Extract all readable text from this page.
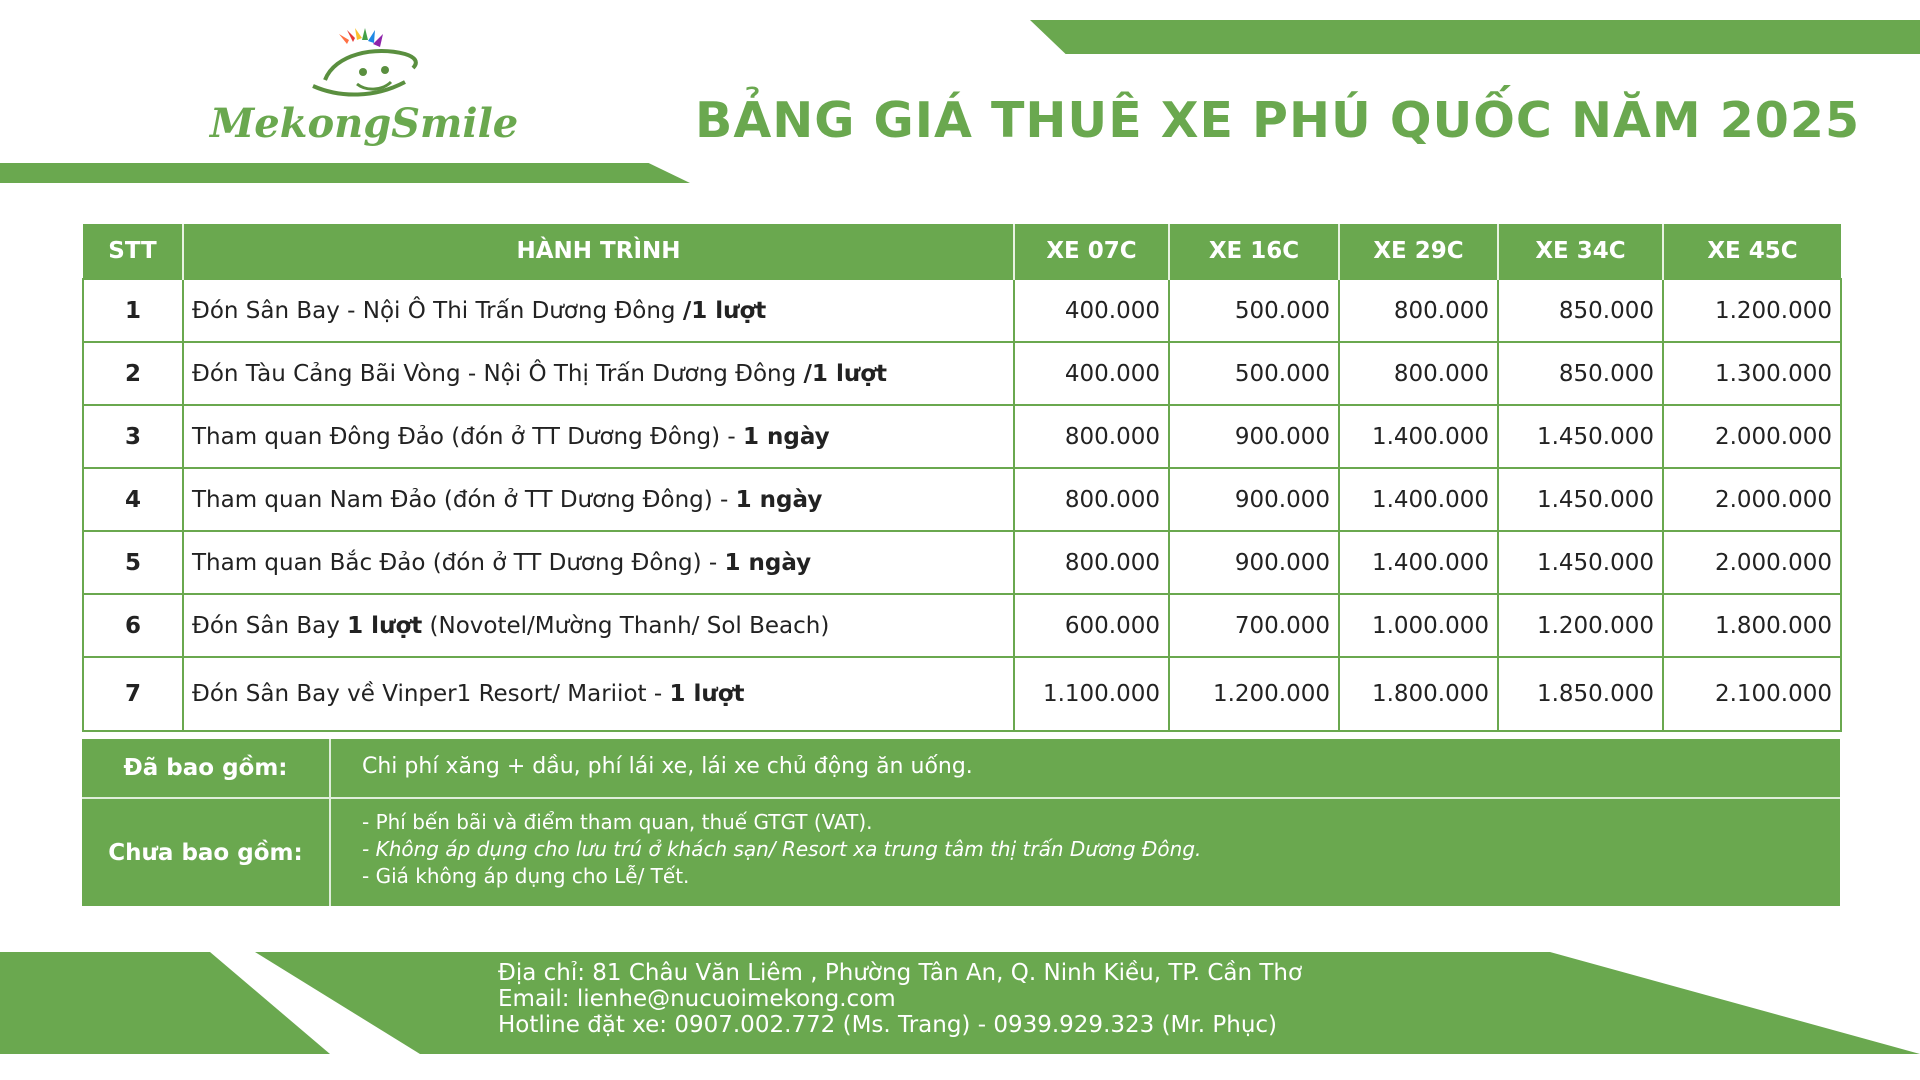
MekongSmile	BẢNG GIÁ THUÊ XE PHÚ QUỐC NĂM 2025
STT	HÀNH TRÌNH	XE 07C	XE 16C	XE 29C	XE 34C	XE 45C
1	Đón Sân Bay - Nội Ô Thi Trấn Dương Đông /1 lượt	400.000	500.000	800.000	850.000	1.200.000
2	Đón Tàu Cảng Bãi Vòng - Nội Ô Thị Trấn Dương Đông /1 lượt	400.000	500.000	800.000	850.000	1.300.000
3	Tham quan Đông Đảo (đón ở TT Dương Đông) - 1 ngày	800.000	900.000	1.400.000	1.450.000	2.000.000
4	Tham quan Nam Đảo (đón ở TT Dương Đông) - 1 ngày	800.000	900.000	1.400.000	1.450.000	2.000.000
5	Tham quan Bắc Đảo (đón ở TT Dương Đông) - 1 ngày	800.000	900.000	1.400.000	1.450.000	2.000.000
6	Đón Sân Bay 1 lượt (Novotel/Mường Thanh/ Sol Beach)	600.000	700.000	1.000.000	1.200.000	1.800.000
7	Đón Sân Bay về Vinper1 Resort/ Mariiot - 1 lượt	1.100.000	1.200.000	1.800.000	1.850.000	2.100.000
Đã bao gồm:	Chi phí xăng + dầu, phí lái xe, lái xe chủ động ăn uống.
Chưa bao gồm:
- Phí bến bãi và điểm tham quan, thuế GTGT (VAT).
- Không áp dụng cho lưu trú ở khách sạn/ Resort xa trung tâm thị trấn Dương Đông.
- Giá không áp dụng cho Lễ/ Tết.
Địa chỉ: 81 Châu Văn Liêm , Phường Tân An, Q. Ninh Kiều, TP. Cần Thơ
Email: lienhe@nucuoimekong.com
Hotline đặt xe: 0907.002.772 (Ms. Trang) - 0939.929.323 (Mr. Phục)
